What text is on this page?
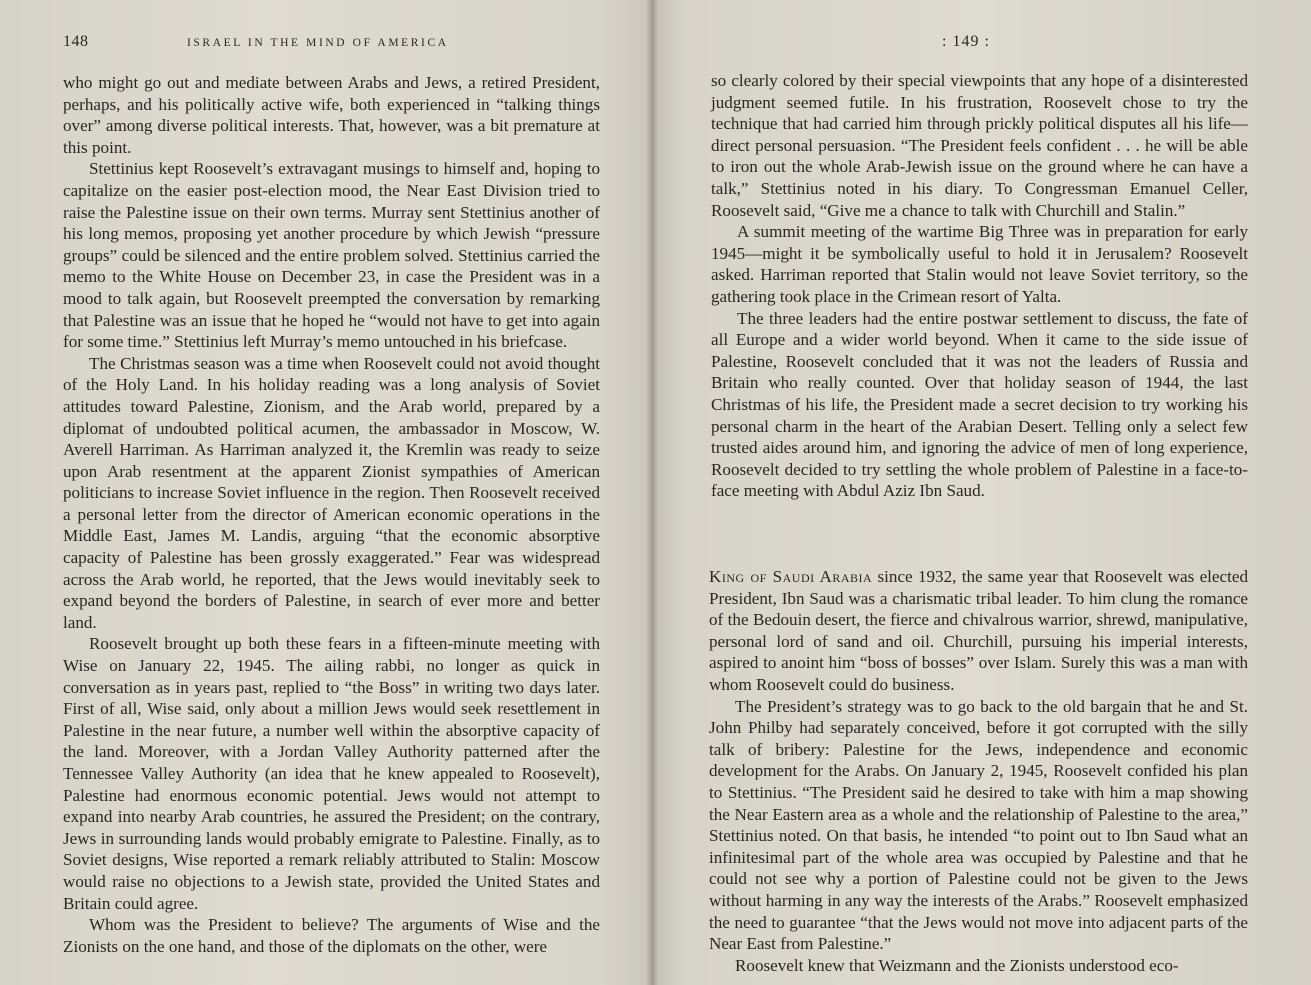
148	ISRAEL IN THE MIND OF AMERICA

who might go out and mediate between Arabs and Jews, a retired President, perhaps, and his politically active wife, both experienced in “talking things over” among diverse political interests. That, however, was a bit premature at this point.

Stettinius kept Roosevelt’s extravagant musings to himself and, hoping to capitalize on the easier post-election mood, the Near East Division tried to raise the Palestine issue on their own terms. Murray sent Stettinius another of his long memos, proposing yet another procedure by which Jewish “pressure groups” could be silenced and the entire problem solved. Stettinius carried the memo to the White House on December 23, in case the President was in a mood to talk again, but Roosevelt preempted the conversation by remarking that Palestine was an issue that he hoped he “would not have to get into again for some time.” Stettinius left Murray’s memo untouched in his briefcase.

The Christmas season was a time when Roosevelt could not avoid thought of the Holy Land. In his holiday reading was a long analysis of Soviet attitudes toward Palestine, Zionism, and the Arab world, prepared by a diplomat of undoubted political acumen, the ambassador in Moscow, W. Averell Harriman. As Harriman analyzed it, the Kremlin was ready to seize upon Arab resentment at the apparent Zionist sympathies of American politicians to increase Soviet influence in the region. Then Roosevelt received a personal letter from the director of American economic operations in the Middle East, James M. Landis, arguing “that the economic absorptive capacity of Palestine has been grossly exaggerated.” Fear was widespread across the Arab world, he reported, that the Jews would inevitably seek to expand beyond the borders of Palestine, in search of ever more and better land.

Roosevelt brought up both these fears in a fifteen-minute meeting with Wise on January 22, 1945. The ailing rabbi, no longer as quick in conversation as in years past, replied to “the Boss” in writing two days later. First of all, Wise said, only about a million Jews would seek resettlement in Palestine in the near future, a number well within the absorptive capacity of the land. Moreover, with a Jordan Valley Authority patterned after the Tennessee Valley Authority (an idea that he knew appealed to Roosevelt), Palestine had enormous economic potential. Jews would not attempt to expand into nearby Arab countries, he assured the President; on the contrary, Jews in surrounding lands would probably emigrate to Palestine. Finally, as to Soviet designs, Wise reported a remark reliably attributed to Stalin: Moscow would raise no objections to a Jewish state, provided the United States and Britain could agree.

Whom was the President to believe? The arguments of Wise and the Zionists on the one hand, and those of the diplomats on the other, were

: 149 :

so clearly colored by their special viewpoints that any hope of a disinterested judgment seemed futile. In his frustration, Roosevelt chose to try the technique that had carried him through prickly political disputes all his life—direct personal persuasion. “The President feels confident . . . he will be able to iron out the whole Arab-Jewish issue on the ground where he can have a talk,” Stettinius noted in his diary. To Congressman Emanuel Celler, Roosevelt said, “Give me a chance to talk with Churchill and Stalin.”

A summit meeting of the wartime Big Three was in preparation for early 1945—might it be symbolically useful to hold it in Jerusalem? Roosevelt asked. Harriman reported that Stalin would not leave Soviet territory, so the gathering took place in the Crimean resort of Yalta.

The three leaders had the entire postwar settlement to discuss, the fate of all Europe and a wider world beyond. When it came to the side issue of Palestine, Roosevelt concluded that it was not the leaders of Russia and Britain who really counted. Over that holiday season of 1944, the last Christmas of his life, the President made a secret decision to try working his personal charm in the heart of the Arabian Desert. Telling only a select few trusted aides around him, and ignoring the advice of men of long experience, Roosevelt decided to try settling the whole problem of Palestine in a face-to-face meeting with Abdul Aziz Ibn Saud.

King of Saudi Arabia since 1932, the same year that Roosevelt was elected President, Ibn Saud was a charismatic tribal leader. To him clung the romance of the Bedouin desert, the fierce and chivalrous warrior, shrewd, manipulative, personal lord of sand and oil. Churchill, pursuing his imperial interests, aspired to anoint him “boss of bosses” over Islam. Surely this was a man with whom Roosevelt could do business.

The President’s strategy was to go back to the old bargain that he and St. John Philby had separately conceived, before it got corrupted with the silly talk of bribery: Palestine for the Jews, independence and economic development for the Arabs. On January 2, 1945, Roosevelt confided his plan to Stettinius. “The President said he desired to take with him a map showing the Near Eastern area as a whole and the relationship of Palestine to the area,” Stettinius noted. On that basis, he intended “to point out to Ibn Saud what an infinitesimal part of the whole area was occupied by Palestine and that he could not see why a portion of Palestine could not be given to the Jews without harming in any way the interests of the Arabs.” Roosevelt emphasized the need to guarantee “that the Jews would not move into adjacent parts of the Near East from Palestine.”

Roosevelt knew that Weizmann and the Zionists understood eco-
